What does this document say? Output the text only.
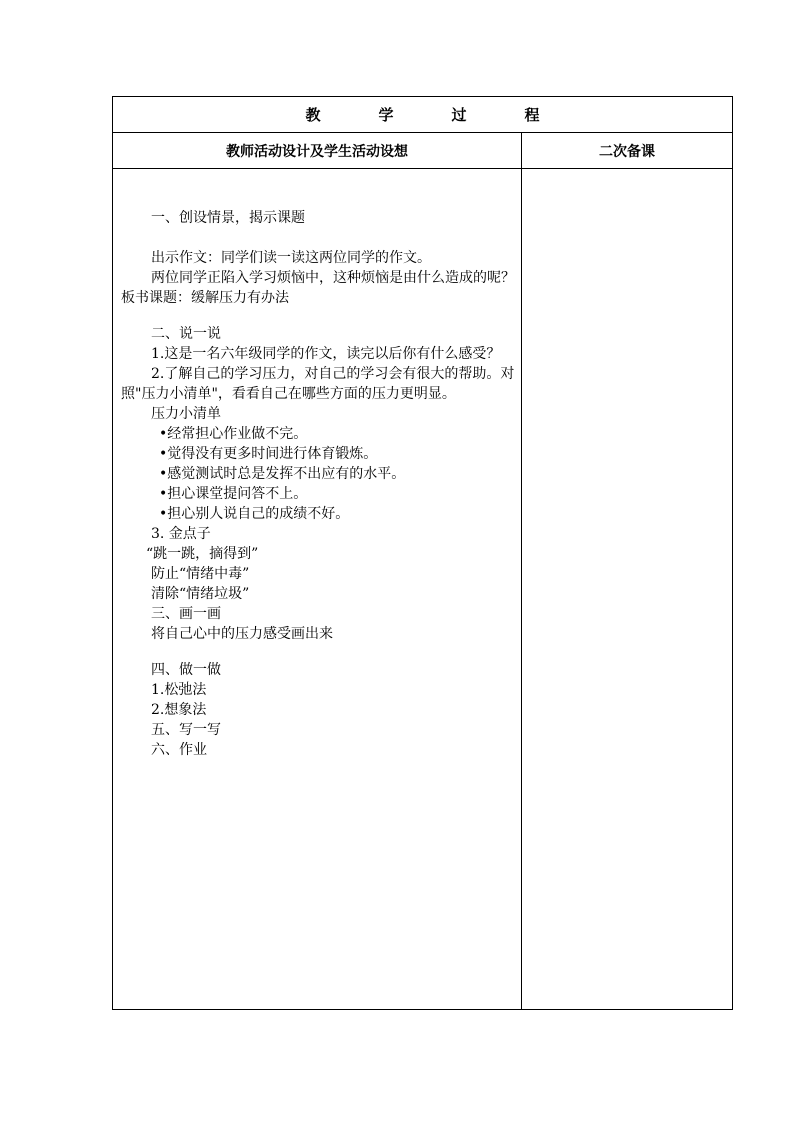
教	学	过	程
教师活动设计及学生活动设想	二次备课

一、创设情景，揭示课题

出示作文：同学们读一读这两位同学的作文。

两位同学正陷入学习烦恼中，这种烦恼是由什么造成的呢？板书课题：缓解压力有办法

二、说一说

1.这是一名六年级同学的作文，读完以后你有什么感受？

2.了解自己的学习压力，对自己的学习会有很大的帮助。对照"压力小清单"，看看自己在哪些方面的压力更明显。

压力小清单

•经常担心作业做不完。

•觉得没有更多时间进行体育锻炼。

•感觉测试时总是发挥不出应有的水平。

•担心课堂提问答不上。

•担心别人说自己的成绩不好。

3. 金点子

“跳一跳，摘得到”

防止“情绪中毒”

清除“情绪垃圾”

三、画一画

将自己心中的压力感受画出来

四、做一做

1.松弛法

2.想象法

五、写一写

六、作业
